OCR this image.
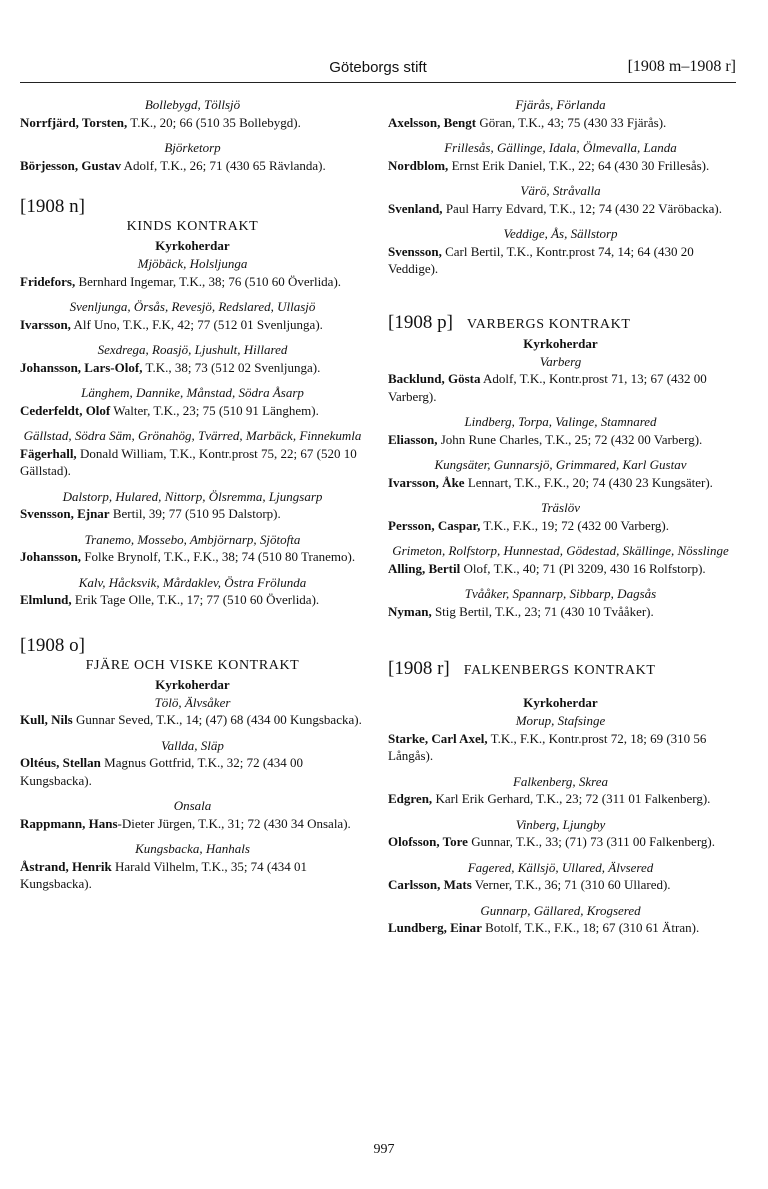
Göteborgs stift	[1908 m–1908 r]
Bollebygd, Töllsjö
Norrfjärd, Torsten, T.K., 20; 66 (510 35 Bollebygd).
Björketorp
Börjesson, Gustav Adolf, T.K., 26; 71 (430 65 Rävlanda).
[1908 n]
KINDS KONTRAKT
Kyrkoherdar
Mjöbäck, Holsljunga
Fridefors, Bernhard Ingemar, T.K., 38; 76 (510 60 Överlida).
Svenljunga, Örsås, Revesjö, Redslared, Ullasjö
Ivarsson, Alf Uno, T.K., F.K, 42; 77 (512 01 Svenljunga).
Sexdrega, Roasjö, Ljushult, Hillared
Johansson, Lars-Olof, T.K., 38; 73 (512 02 Svenljunga).
Länghem, Dannike, Månstad, Södra Åsarp
Cederfeldt, Olof Walter, T.K., 23; 75 (510 91 Länghem).
Gällstad, Södra Säm, Grönahög, Tvärred, Marbäck, Finnekumla
Fägerhall, Donald William, T.K., Kontr.prost 75, 22; 67 (520 10 Gällstad).
Dalstorp, Hulared, Nittorp, Ölsremma, Ljungsarp
Svensson, Ejnar Bertil, 39; 77 (510 95 Dalstorp).
Tranemo, Mossebo, Ambjörnarp, Sjötofta
Johansson, Folke Brynolf, T.K., F.K., 38; 74 (510 80 Tranemo).
Kalv, Håcksvik, Mårdaklev, Östra Frölunda
Elmlund, Erik Tage Olle, T.K., 17; 77 (510 60 Överlida).
[1908 o]
FJÄRE OCH VISKE KONTRAKT
Kyrkoherdar
Tölö, Älvsåker
Kull, Nils Gunnar Seved, T.K., 14; (47) 68 (434 00 Kungsbacka).
Vallda, Släp
Oltéus, Stellan Magnus Gottfrid, T.K., 32; 72 (434 00 Kungsbacka).
Onsala
Rappmann, Hans-Dieter Jürgen, T.K., 31; 72 (430 34 Onsala).
Kungsbacka, Hanhals
Åstrand, Henrik Harald Vilhelm, T.K., 35; 74 (434 01 Kungsbacka).
Fjärås, Förlanda
Axelsson, Bengt Göran, T.K., 43; 75 (430 33 Fjärås).
Frillesås, Gällinge, Idala, Ölmevalla, Landa
Nordblom, Ernst Erik Daniel, T.K., 22; 64 (430 30 Frillesås).
Värö, Stråvalla
Svenland, Paul Harry Edvard, T.K., 12; 74 (430 22 Väröbacka).
Veddige, Ås, Sällstorp
Svensson, Carl Bertil, T.K., Kontr.prost 74, 14; 64 (430 20 Veddige).
[1908 p] VARBERGS KONTRAKT
Kyrkoherdar
Varberg
Backlund, Gösta Adolf, T.K., Kontr.prost 71, 13; 67 (432 00 Varberg).
Lindberg, Torpa, Valinge, Stamnared
Eliasson, John Rune Charles, T.K., 25; 72 (432 00 Varberg).
Kungsäter, Gunnarsjö, Grimmared, Karl Gustav
Ivarsson, Åke Lennart, T.K., F.K., 20; 74 (430 23 Kungsäter).
Träslöv
Persson, Caspar, T.K., F.K., 19; 72 (432 00 Varberg).
Grimeton, Rolfstorp, Hunnestad, Gödestad, Skällinge, Nösslinge
Alling, Bertil Olof, T.K., 40; 71 (Pl 3209, 430 16 Rolfstorp).
Tvååker, Spannarp, Sibbarp, Dagsås
Nyman, Stig Bertil, T.K., 23; 71 (430 10 Tvååker).
[1908 r] FALKENBERGS KONTRAKT
Kyrkoherdar
Morup, Stafsinge
Starke, Carl Axel, T.K., F.K., Kontr.prost 72, 18; 69 (310 56 Långås).
Falkenberg, Skrea
Edgren, Karl Erik Gerhard, T.K., 23; 72 (311 01 Falkenberg).
Vinberg, Ljungby
Olofsson, Tore Gunnar, T.K., 33; (71) 73 (311 00 Falkenberg).
Fagered, Källsjö, Ullared, Älvsered
Carlsson, Mats Verner, T.K., 36; 71 (310 60 Ullared).
Gunnarp, Gällared, Krogsered
Lundberg, Einar Botolf, T.K., F.K., 18; 67 (310 61 Ätran).
997
